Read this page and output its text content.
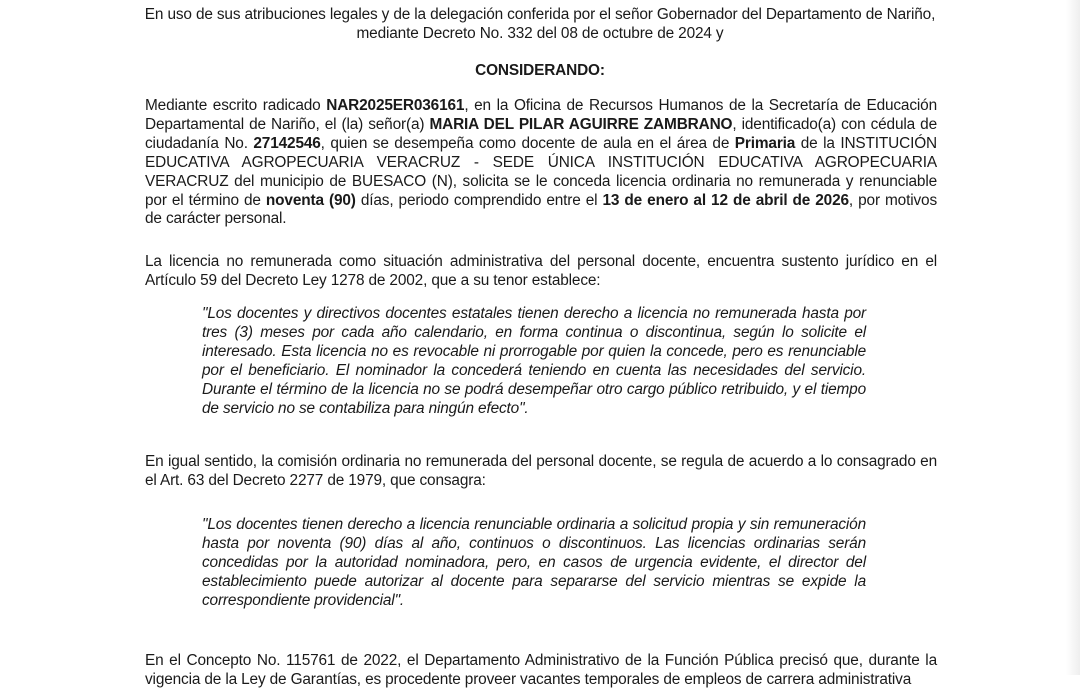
En uso de sus atribuciones legales y de la delegación conferida por el señor Gobernador del Departamento de Nariño,
mediante Decreto No. 332 del 08 de octubre de 2024 y
CONSIDERANDO:
Mediante escrito radicado NAR2025ER036161, en la Oficina de Recursos Humanos de la Secretaría de Educación Departamental de Nariño, el (la) señor(a) MARIA DEL PILAR AGUIRRE ZAMBRANO, identificado(a) con cédula de ciudadanía No. 27142546, quien se desempeña como docente de aula en el área de Primaria de la INSTITUCIÓN EDUCATIVA AGROPECUARIA VERACRUZ - SEDE ÚNICA INSTITUCIÓN EDUCATIVA AGROPECUARIA VERACRUZ del municipio de BUESACO (N), solicita se le conceda licencia ordinaria no remunerada y renunciable por el término de noventa (90) días, periodo comprendido entre el 13 de enero al 12 de abril de 2026, por motivos de carácter personal.
La licencia no remunerada como situación administrativa del personal docente, encuentra sustento jurídico en el Artículo 59 del Decreto Ley 1278 de 2002, que a su tenor establece:
"Los docentes y directivos docentes estatales tienen derecho a licencia no remunerada hasta por tres (3) meses por cada año calendario, en forma continua o discontinua, según lo solicite el interesado. Esta licencia no es revocable ni prorrogable por quien la concede, pero es renunciable por el beneficiario. El nominador la concederá teniendo en cuenta las necesidades del servicio. Durante el término de la licencia no se podrá desempeñar otro cargo público retribuido, y el tiempo de servicio no se contabiliza para ningún efecto".
En igual sentido, la comisión ordinaria no remunerada del personal docente, se regula de acuerdo a lo consagrado en el Art. 63 del Decreto 2277 de 1979, que consagra:
"Los docentes tienen derecho a licencia renunciable ordinaria a solicitud propia y sin remuneración hasta por noventa (90) días al año, continuos o discontinuos. Las licencias ordinarias serán concedidas por la autoridad nominadora, pero, en casos de urgencia evidente, el director del establecimiento puede autorizar al docente para separarse del servicio mientras se expide la correspondiente providencial".
En el Concepto No. 115761 de 2022, el Departamento Administrativo de la Función Pública precisó que, durante la vigencia de la Ley de Garantías, es procedente proveer vacantes temporales de empleos de carrera administrativa
